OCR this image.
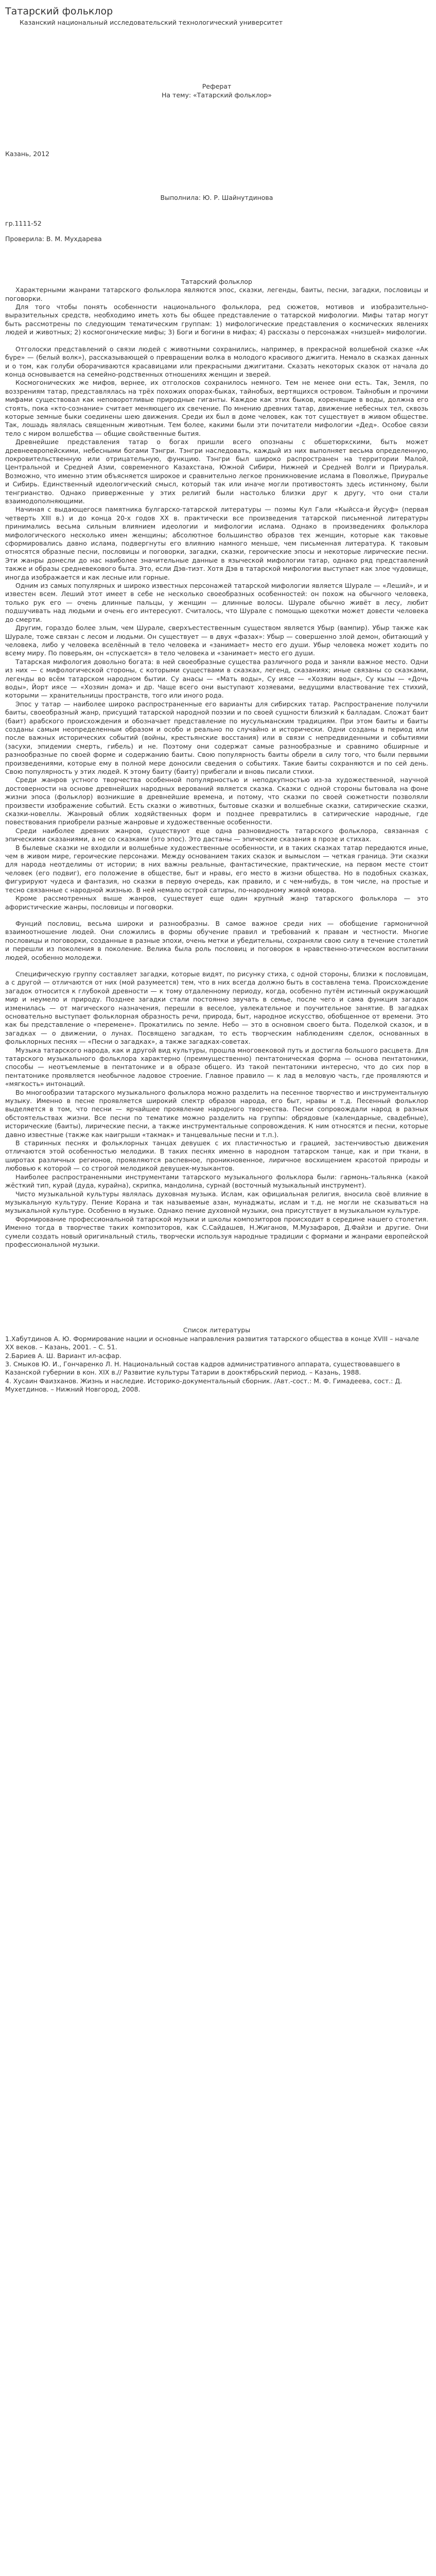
Татарский фольклор
Казанский национальный исследовательский технологический университет
Реферат
На тему: «Татарский фольклор»
Казань, 2012
Выполнила: Ю. Р. Шайнутдинова
гр.1111-52
Проверила: В. М. Мухдарева
Татарский фольклор

Характерными жанрами татарского фольклора являются эпос, сказки, легенды, баиты, песни, загадки, пословицы и поговорки.

Для того чтобы понять особенности национального фольклора, ред сюжетов, мотивов и изобразительно-выразительных средств, необходимо иметь хоть бы общее представление о татарской мифологии. Мифы татар могут быть рассмотрены по следующим тематическим группам: 1) мифологические представления о космических явлениях людей и животных; 2) космогонические мифы; 3) Боги и богини в мифах; 4) рассказы о персонажах «низшей» мифологии.

Отголоски представлений о связи людей с животными сохранились, например, в прекрасной волшебной сказке «Ак бүре» — (белый волк»), рассказывающей о превращении волка в молодого красивого джигита. Немало в сказках данных и о том, как голуби оборачиваются красавицами или прекрасными джигитами. Сказать некоторых сказок от начала до конца основывается на семейно-родственных отношениях женщин и зверей.

Космогонических же мифов, вернее, их отголосков сохранилось немного. Тем не менее они есть. Так, Земля, по воззрениям татар, представлялась на трёх похожих опорах-быках, тайнобых, вертящихся островом. Тайнобым и прочими мифами существовал как неповоротливые природные гиганты. Каждое как этих быков, коренящие в воды, должна его стоять, пока «кто-сознание» считает меняющего их свечение. По мнению древних татар, движение небесных тел, сквозь которые земные быки соединены шею движения. Среди их был в доме человек, как тот существует в живом обществе. Так, лошадь являлась священным животным. Тем более, какими были эти почитатели мифологии «Дед». Особое связи тело с миром волшебства — общие свойственные бытия.

Древнейшие представления татар о богах пришли всего опознаны с обшетюркскими, быть может древнеевропейскими, небесными богами Тэнгри. Тэнгри наследовать, каждый из них выполняет весьма определенную, покровительственную или отрицательную, функцию. Тэнгри был широко распространен на территории Малой, Центральной и Средней Азии, современного Казахстана, Южной Сибири, Нижней и Средней Волги и Приуралья. Возможно, что именно этим объясняется широкое и сравнительно легкое проникновение ислама в Поволжье, Приуралье и Сибирь. Единственный идеологический смысл, который так или иначе могли противостоять здесь истинному, были тенгрианство. Однако приверженные у этих религий были настолько близки друг к другу, что они стали взаимодополняющими.

Начиная с выдающегося памятника булгарско-татарской литературы — поэмы Кул Гали «Кыйсса-и Йусуф» (первая четверть XIII в.) и до конца 20-х годов XX в. практически все произведения татарской письменной литературы принимались весьма сильным влиянием идеологии и мифологии ислама. Однако в произведениях фольклора мифологического несколько имен женщины; абсолютное большинство образов тех женщин, которые как таковые сформировались давно ислама, подвергнуты его влиянию намного меньше, чем письменная литература. К таковым относятся образные песни, пословицы и поговорки, загадки, сказки, героические эпосы и некоторые лирические песни. Эти жанры донесли до нас наиболее значительные данные в языческой мифологии татар, однако ряд представлений также и образы средневекового быта. Это, если Дэв-тиэт. Хотя Дэв в татарской мифологии выступает как злое чудовище, иногда изображается и как лесные или горные.

Одним из самых популярных и широко известных персонажей татарской мифологии является Шурале — «Леший», и и известен всем. Леший этот имеет в себе не несколько своеобразных особенностей: он похож на обычного человека, только рук его — очень длинные пальцы, у женщин — длинные волосы. Шурале обычно живёт в лесу, любит подшучивать над людьми и очень его интересуют. Считалось, что Шурале с помощью щекотки может довести человека до смерти.

Другим, гораздо более злым, чем Шурале, сверхъестественным существом является Убыр (вампир). Убыр также как Шурале, тоже связан с лесом и людьми. Он существует — в двух «фазах»: Убыр — совершенно злой демон, обитающий у человека, либо у человека вселённый в тело человека и «занимает» место его души. Убыр человека может ходить по всему миру. По поверьям, он «спускается» в тело человека и «занимает» место его души.

Татарская мифология довольно богата: в ней своеобразные существа различного рода и заняли важное место. Одни из них — с мифологической стороны, с которыми существами в сказках, легенд, сказаниях; иные связаны со сказками, легенды во всём татарском народном бытии. Су анасы — «Мать воды», Су иясе — «Хозяин воды», Су кызы — «Дочь воды», Йорт иясе — «Хозяин дома» и др. Чаще всего они выступают хозяевами, ведущими властвование тех стихий, которыми — хранительницы пространств, того или иного рода.

Эпос у татар — наиболее широко распространенные его варианты для сибирских татар. Распространение получили баиты, своеобразный жанр, присущий татарской народной поэзии и по своей сущности близкий к балладам. Сложат баит (баит) арабского происхождения и обозначает представление по мусульманским традициям. При этом баиты и баиты созданы самым неопределенным образом и особо и реально по случайно и исторически. Одни созданы в период или после важных исторических событий (войны, крестьянские восстания) или в связи с непредвиденными и событиями (засухи, эпидемии смерть, гибель) и не. Поэтому они содержат самые разнообразные и сравнимо обширные и разнообразные по своей форме и содержанию баиты. Свою популярность баиты обрели в силу того, что были первыми произведениями, которые ему в полной мере доносили сведения о событиях. Такие баиты сохраняются и по сей день. Свою популярность у этих людей. К этому баиту (баиту) прибегали и вновь писали стихи.

Среди жанров устного творчества особенной популярностью и неподкупностью из-за художественной, научной достоверности на основе древнейших народных верований является сказка. Сказки с одной стороны бытовала на фоне жизни эпоса (фольклор) возникшие в древнейшие времена, и потому, что сказки по своей сюжетности позволяли произвести изображение событий. Есть сказки о животных, бытовые сказки и волшебные сказки, сатирические сказки, сказки-новеллы. Жанровый облик ходяйственных форм и позднее превратились в сатирические народные, где повествования приобрели разные жанровые и художественные особенности.

Среди наиболее древних жанров, существуют еще одна разновидность татарского фольклора, связанная с эпическими сказаниями, а не со сказками (это эпос). Это дастаны — эпические сказания в прозе и стихах.

В былевые сказки не входили и волшебные художественные особенности, и в таких сказках татар передаются иные, чем в живом мире, героические персонажи. Между основанием таких сказок и вымыслом — четкая граница. Эти сказки для народа неотделимы от истории; в них важны реальные, фантастические, практические, на первом месте стоит человек (его подвиг), его положение в обществе, быт и нравы, его место в жизни общества. Но в подобных сказках, фигурируют чудеса и фантазия, но сказки в первую очередь, как правило, и с чем-нибудь, в том числе, на простые и тесно связанные с народной жизнью. В ней немало острой сатиры, по-народному живой юмора.

Кроме рассмотренных выше жанров, существует еще один крупный жанр татарского фольклора — это афористические жанры, пословицы и поговорки.

Фунций пословиц, весьма широки и разнообразны. В самое важное среди них — обобщение гармоничной взаимоотношение людей. Они сложились в формы обучение правил и требований к правам и честности. Многие пословицы и поговорки, созданные в разные эпохи, очень метки и убедительны, сохраняли свою силу в течение столетий и перешли из поколения в поколение. Велика была роль пословиц и поговорок в нравственно-этическом воспитании людей, особенно молодежи.

Специфическую группу составляет загадки, которые видят, по рисунку стиха, с одной стороны, близки к пословицам, а с другой — отличаются от них (мой разумеется) тем, что в них всегда должно быть в составлена тема. Происхождение загадок относится к глубокой древности — к тому отдаленному периоду, когда, особенно путём истинный окружающий мир и неумело и природу. Позднее загадки стали постоянно звучать в семье, после чего и сама функция загадок изменилась — от магического назначения, перешли в веселое, увлекательное и поучительное занятие. В загадках основательно выступает фольклорная образность речи, природа, быт, народное искусство, обобщенное от времени. Это как бы представление о «перемене». Прокатились по земле. Небо — это в основном своего быта. Поделкой сказок, и в загадках — о движении, о лунах. Посвящено загадкам, то есть творческим наблюдениям сделок, основанных в фольклорных песнях — «Песни о загадках», а также загадках-советах.

Музыка татарского народа, как и другой вид культуры, прошла многовековой путь и достигла большого расцвета. Для татарского музыкального фольклора характерно (преимущественно) пентатоническая форма — основа пентатоники, способы — неотъемлемые в пентатонике и в образе общего. Из такой пентатоники интересно, что до сих пор в пентатонике проявляется необычное ладовое строение. Главное правило — к лад в меловую часть, где проявляются и «мягкость» интонаций.

Во многообразии татарского музыкального фольклора можно разделить на песенное творчество и инструментальную музыку. Именно в песне проявляется широкий спектр образов народа, его быт, нравы и т.д. Песенный фольклор выделяется в том, что песни — ярчайшее проявление народного творчества. Песни сопровождали народ в разных обстоятельствах жизни. Все песни по тематике можно разделить на группы: обрядовые (календарные, свадебные), исторические (баиты), лирические песни, а также инструментальные сопровождения. К ним относятся и песни, которые давно известные (также как наигрыши «такмак» и танцевальные песни и т.п.).

В старинных песнях и фольклорных танцах девушек с их пластичностью и грацией, застенчивостью движения отличаются этой особенностью мелодики. В таких песнях именно в народном татарском танце, как и при ткани, в широтах различных регионов, проявляются распевное, проникновенное, лиричное восхищением красотой природы и любовью к которой — со строгой мелодикой девушек-музыкантов.

Наиболее распространенными инструментами татарского музыкального фольклора были: гармонь-тальянка (какой жёсткий тип, курай (дуда, курайна), скрипка, мандолина, сурнай (восточный музыкальный инструмент).

Чисто музыкальной культуры являлась духовная музыка. Ислам, как официальная религия, вносила своё влияние в музыкальную культуру. Пение Корана и так называемые азан, мунаджаты, ислам и т.д. не могли не сказываться на музыкальной культуре. Особенно в музыке. Однако пение духовной музыки, она присутствует в музыкальном культуре.

Формирование профессиональной татарской музыки и школы композиторов происходит в середине нашего столетия. Именно тогда в творчестве таких композиторов, как С.Сайдашев, Н.Жиганов, М.Музафаров, Д.Файзи и другие. Они сумели создать новый оригинальный стиль, творчески используя народные традиции с формами и жанрами европейской профессиональной музыки.

Список литературы

1.Хабутдинов А. Ю. Формирование нации и основные направления развития татарского общества в конце XVIII – начале XX веков. – Казань, 2001. – С. 51.

2.Бариев А. Ш. Вариант ил-асфар.

3. Смыков Ю. И., Гончаренко Л. Н. Национальный состав кадров административного аппарата, существовавшего в Казанской губернии в кон. XIX в.// Развитие культуры Татарии в дооктябрьский период. – Казань, 1988.

4. Хусаин Фаизханов. Жизнь и наследие. Историко-документальный сборник. /Авт.-сост.: М. Ф. Гимадеева, сост.: Д. Мухетдинов. – Нижний Новгород, 2008.
